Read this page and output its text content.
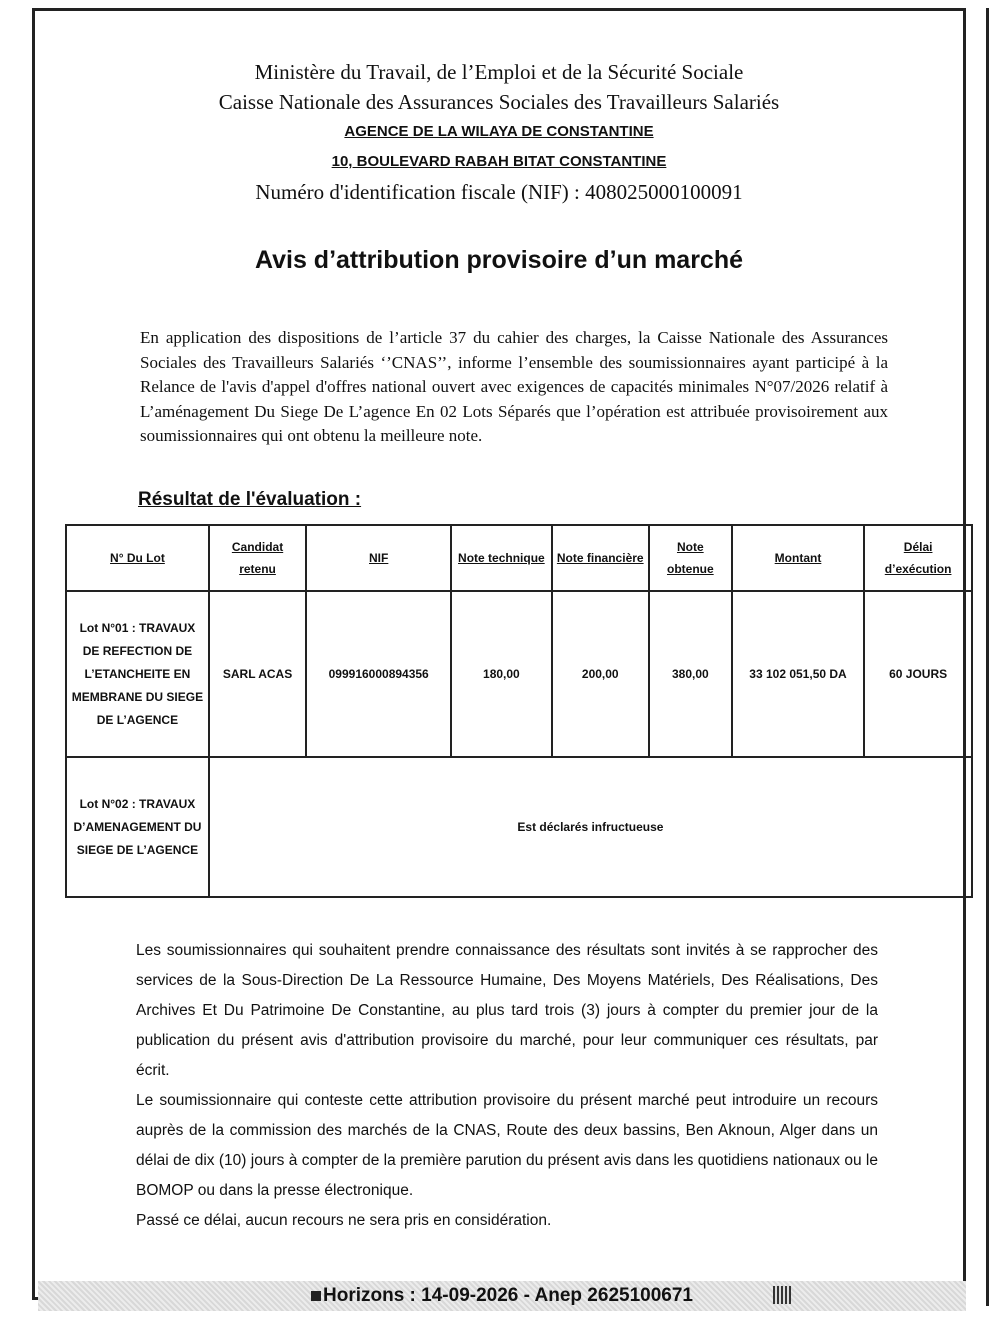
Ministère du Travail, de l’Emploi et de la Sécurité Sociale
Caisse Nationale des Assurances Sociales des Travailleurs Salariés
AGENCE DE LA WILAYA DE CONSTANTINE
10, BOULEVARD RABAH BITAT CONSTANTINE
Numéro d'identification fiscale (NIF) : 408025000100091
Avis d’attribution provisoire d’un marché
En application des dispositions de l’article 37 du cahier des charges, la Caisse Nationale des Assurances Sociales des Travailleurs Salariés ‘’CNAS’’, informe l’ensemble des soumissionnaires ayant participé à la Relance de l'avis d'appel d'offres national ouvert avec exigences de capacités minimales N°07/2026 relatif à L’aménagement Du Siege De L’agence En 02 Lots Séparés que l’opération est attribuée provisoirement aux soumissionnaires qui ont obtenu la meilleure note.
Résultat de l'évaluation :
N° Du Lot	Candidat retenu	NIF	Note technique	Note financière	Note obtenue	Montant	Délai d’exécution
Lot N°01 : TRAVAUX DE REFECTION DE L’ETANCHEITE EN MEMBRANE DU SIEGE DE L’AGENCE	SARL ACAS	099916000894356	180,00	200,00	380,00	33 102 051,50 DA	60 JOURS
Lot N°02 : TRAVAUX D’AMENAGEMENT DU SIEGE DE L’AGENCE	Est déclarés infructueuse						

Les soumissionnaires qui souhaitent prendre connaissance des résultats sont invités à se rapprocher des services de la Sous-Direction De La Ressource Humaine, Des Moyens Matériels, Des Réalisations, Des Archives Et Du Patrimoine De Constantine, au plus tard trois (3) jours à compter du premier jour de la publication du présent avis d'attribution provisoire du marché, pour leur communiquer ces résultats, par écrit.

Le soumissionnaire qui conteste cette attribution provisoire du présent marché peut introduire un recours auprès de la commission des marchés de la CNAS, Route des deux bassins, Ben Aknoun, Alger dans un délai de dix (10) jours à compter de la première parution du présent avis dans les quotidiens nationaux ou le BOMOP ou dans la presse électronique.

Passé ce délai, aucun recours ne sera pris en considération.

Horizons : 14-09-2026 - Anep 2625100671
